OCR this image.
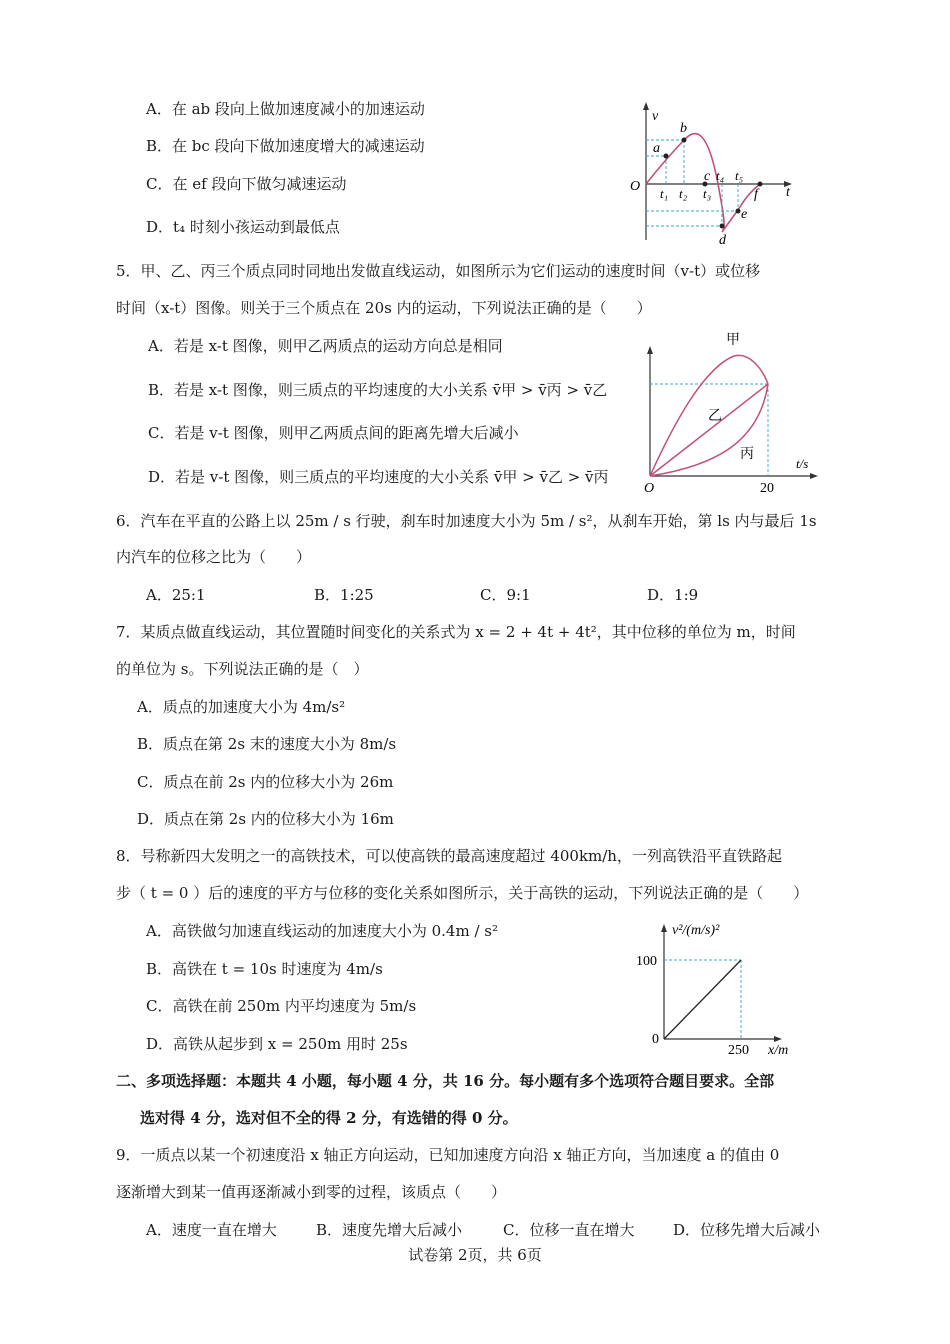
A．在 ab 段向上做加速度减小的加速运动
B．在 bc 段向下做加速度增大的减速运动
C．在 ef 段向下做匀减速运动
D．t₄ 时刻小孩运动到最低点
v
t
O
a
b
c
d
e
f
t₁ t₂ t₃
t₄ t₅
5．甲、乙、丙三个质点同时同地出发做直线运动，如图所示为它们运动的速度时间（v-t）或位移
时间（x-t）图像。则关于三个质点在 20s 内的运动，下列说法正确的是（　　）
A．若是 x-t 图像，则甲乙两质点的运动方向总是相同
B．若是 x-t 图像，则三质点的平均速度的大小关系 v̄甲 > v̄丙 > v̄乙
C．若是 v-t 图像，则甲乙两质点间的距离先增大后减小
D．若是 v-t 图像，则三质点的平均速度的大小关系 v̄甲 > v̄乙 > v̄丙
甲
乙
丙
O	20
t/s
6．汽车在平直的公路上以 25m / s 行驶，刹车时加速度大小为 5m / s²，从刹车开始，第 ls 内与最后 1s
内汽车的位移之比为（　　）
A．25:1	B．1:25	C．9:1	D．1:9
7．某质点做直线运动，其位置随时间变化的关系式为 x = 2 + 4t + 4t²，其中位移的单位为 m，时间
的单位为 s。下列说法正确的是（　）
A．质点的加速度大小为 4m/s²
B．质点在第 2s 末的速度大小为 8m/s
C．质点在前 2s 内的位移大小为 26m
D．质点在第 2s 内的位移大小为 16m
8．号称新四大发明之一的高铁技术，可以使高铁的最高速度超过 400km/h，一列高铁沿平直铁路起
步（ t = 0 ）后的速度的平方与位移的变化关系如图所示，关于高铁的运动，下列说法正确的是（　　）
A．高铁做匀加速直线运动的加速度大小为 0.4m / s²
B．高铁在 t = 10s 时速度为 4m/s
C．高铁在前 250m 内平均速度为 5m/s
D．高铁从起步到 x = 250m 用时 25s
v²/(m/s)²
100
0
250 x/m
二、多项选择题：本题共 4 小题，每小题 4 分，共 16 分。每小题有多个选项符合题目要求。全部
选对得 4 分，选对但不全的得 2 分，有选错的得 0 分。
9．一质点以某一个初速度沿 x 轴正方向运动，已知加速度方向沿 x 轴正方向，当加速度 a 的值由 0
逐渐增大到某一值再逐渐减小到零的过程，该质点（　　）
A．速度一直在增大	B．速度先增大后减小	C．位移一直在增大	D．位移先增大后减小
试卷第 2页，共 6页
